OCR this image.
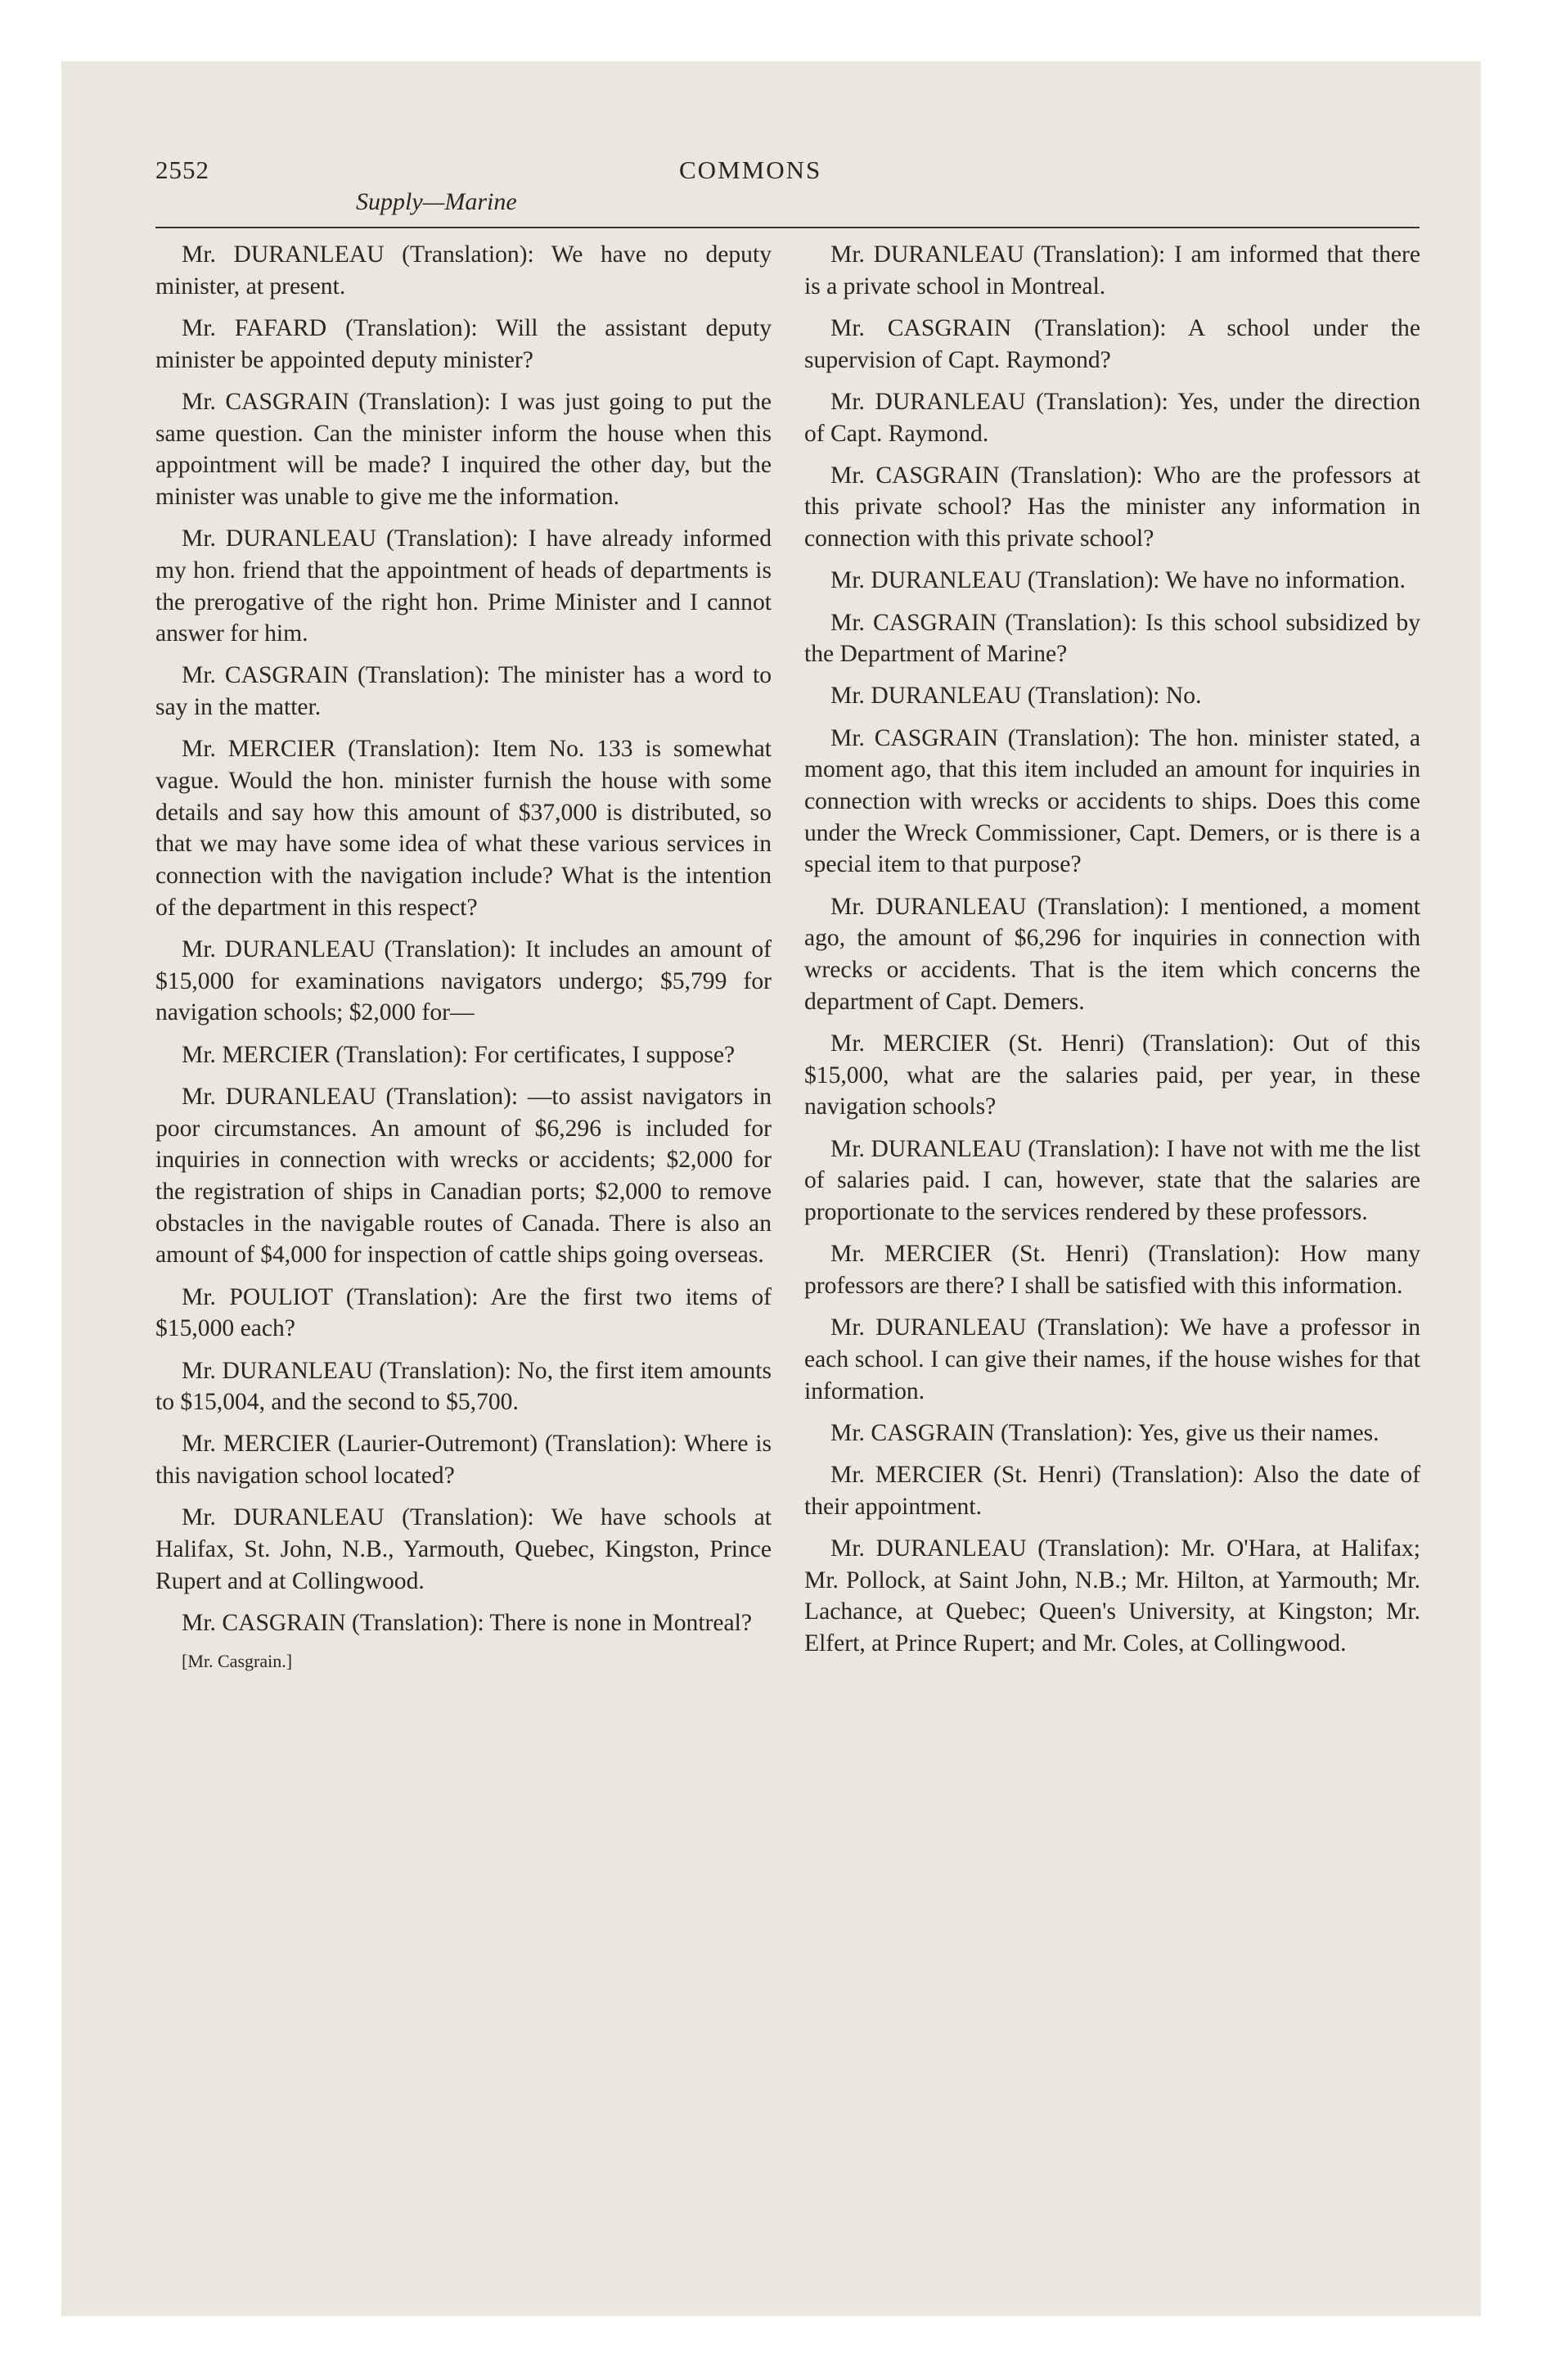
2552	COMMONS
Supply—Marine

Mr. DURANLEAU (Translation): We have no deputy minister, at present.

Mr. FAFARD (Translation): Will the assistant deputy minister be appointed deputy minister?

Mr. CASGRAIN (Translation): I was just going to put the same question. Can the minister inform the house when this appointment will be made? I inquired the other day, but the minister was unable to give me the information.

Mr. DURANLEAU (Translation): I have already informed my hon. friend that the appointment of heads of departments is the prerogative of the right hon. Prime Minister and I cannot answer for him.

Mr. CASGRAIN (Translation): The minister has a word to say in the matter.

Mr. MERCIER (Translation): Item No. 133 is somewhat vague. Would the hon. minister furnish the house with some details and say how this amount of $37,000 is distributed, so that we may have some idea of what these various services in connection with the navigation include? What is the intention of the department in this respect?

Mr. DURANLEAU (Translation): It includes an amount of $15,000 for examinations navigators undergo; $5,799 for navigation schools; $2,000 for—

Mr. MERCIER (Translation): For certificates, I suppose?

Mr. DURANLEAU (Translation): —to assist navigators in poor circumstances. An amount of $6,296 is included for inquiries in connection with wrecks or accidents; $2,000 for the registration of ships in Canadian ports; $2,000 to remove obstacles in the navigable routes of Canada. There is also an amount of $4,000 for inspection of cattle ships going overseas.

Mr. POULIOT (Translation): Are the first two items of $15,000 each?

Mr. DURANLEAU (Translation): No, the first item amounts to $15,004, and the second to $5,700.

Mr. MERCIER (Laurier-Outremont) (Translation): Where is this navigation school located?

Mr. DURANLEAU (Translation): We have schools at Halifax, St. John, N.B., Yarmouth, Quebec, Kingston, Prince Rupert and at Collingwood.

Mr. CASGRAIN (Translation): There is none in Montreal?

[Mr. Casgrain.]

Mr. DURANLEAU (Translation): I am informed that there is a private school in Montreal.

Mr. CASGRAIN (Translation): A school under the supervision of Capt. Raymond?

Mr. DURANLEAU (Translation): Yes, under the direction of Capt. Raymond.

Mr. CASGRAIN (Translation): Who are the professors at this private school? Has the minister any information in connection with this private school?

Mr. DURANLEAU (Translation): We have no information.

Mr. CASGRAIN (Translation): Is this school subsidized by the Department of Marine?

Mr. DURANLEAU (Translation): No.

Mr. CASGRAIN (Translation): The hon. minister stated, a moment ago, that this item included an amount for inquiries in connection with wrecks or accidents to ships. Does this come under the Wreck Commissioner, Capt. Demers, or is there is a special item to that purpose?

Mr. DURANLEAU (Translation): I mentioned, a moment ago, the amount of $6,296 for inquiries in connection with wrecks or accidents. That is the item which concerns the department of Capt. Demers.

Mr. MERCIER (St. Henri) (Translation): Out of this $15,000, what are the salaries paid, per year, in these navigation schools?

Mr. DURANLEAU (Translation): I have not with me the list of salaries paid. I can, however, state that the salaries are proportionate to the services rendered by these professors.

Mr. MERCIER (St. Henri) (Translation): How many professors are there? I shall be satisfied with this information.

Mr. DURANLEAU (Translation): We have a professor in each school. I can give their names, if the house wishes for that information.

Mr. CASGRAIN (Translation): Yes, give us their names.

Mr. MERCIER (St. Henri) (Translation): Also the date of their appointment.

Mr. DURANLEAU (Translation): Mr. O'Hara, at Halifax; Mr. Pollock, at Saint John, N.B.; Mr. Hilton, at Yarmouth; Mr. Lachance, at Quebec; Queen's University, at Kingston; Mr. Elfert, at Prince Rupert; and Mr. Coles, at Collingwood.
